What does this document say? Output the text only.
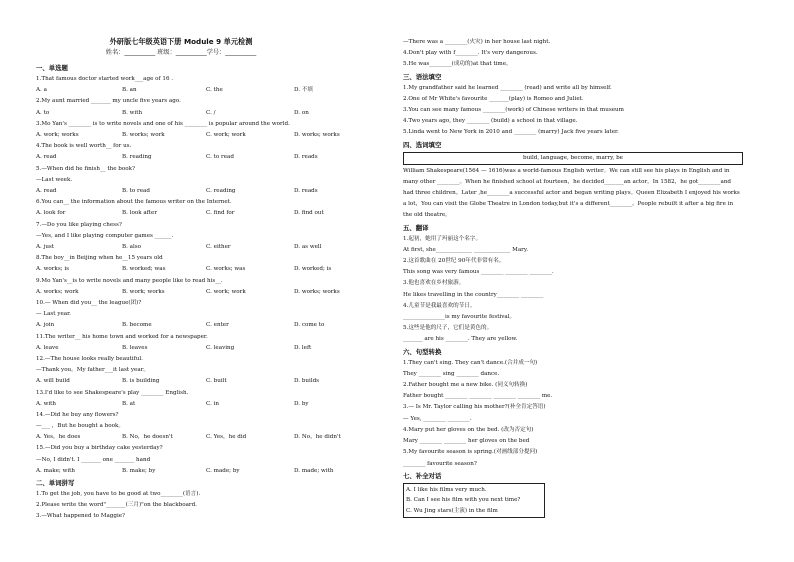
外研版七年级英语下册 Module 9 单元检测
姓名：__________ 班级：__________学号：__________
一、单选题
1.That famous doctor started work___age of 16 .
A. a	B. an	C. the	D. 不填
2.My aunt married _______ my uncle five years ago.
A. to	B. with	C. /	D. on
3.Mo Yan's ________ is to write novels and one of his ________ is popular around the world.
A. work; works	B. works; work	C. work; work	D. works; works
4.The book is well worth__ for us.
A. read	B. reading	C. to read	D. reads
5.—When did he finish__ the book?
—Last week.
A. read	B. to read	C. reading	D. reads
6.You can__ the information about the famous writer on the Internet.
A. look for	B. look after	C. find for	D. find out
7.—Do you like playing chess?
—Yes, and I like playing computer games ______.
A. just	B. also	C. either	D. as well
8.The boy__in Beijing when he__15 years old
A. works; is	B. worked; was	C. works; was	D. worked; is
9.Mo Yan's__is to write novels and many people like to read his__.
A. works; work	B. work; works	C. work; work	D. works; works
10.— When did you__ the league(团)?
— Last year.
A. join	B. become	C. enter	D. come to
11.The writer__ his home town and worked for a newspaper.
A. leave	B. leaves	C. leaving	D. left
12.—The house looks really beautiful.
—Thank you。My father___it last year。
A. will build	B. is building	C. built	D. builds
13.I'd like to see Shakespeare's play ________ English.
A. with	B. at	C. in	D. by
14.—Did he buy any flowers?
—___ ，But he bought a book。
A. Yes，he does	B. No，he doesn't	C. Yes，he did	D. No，he didn't
15.—Did you buy a birthday cake yesterday?
—No, I didn't. I _______ one _______ hand
A. make; with	B. make; by	C. made; by	D. made; with
二、单词拼写
1.To get the job, you have to be good at two________(语言).
2.Please write the word"_______(三月)"on the blackboard.
3.—What happened to Maggie?
—There was a ________(火灾) in her house last night.
4.Don't play with f________. It's very dangerous.
5.He was________(成功的)at that time。
三、语法填空
1.My grandfather said he learned ________ (read) and write all by himself.
2.One of Mr White's favourite _______(play) is Romeo and Juliet.
3.You can see many famous ________(work) of Chinese writers in that museum
4.Two years ago, they ________ (build) a school in that village.
5.Linda went to New York in 2010 and ________ (marry) Jack five years later.
四、选词填空
build, language, become, marry, be
William Shakespeare(1564 — 1616)was a world-famous English writer。We can still see his plays in English and in many other ________。When he finished school at fourteen，he decided_______an actor。In 1582，he got________and had three children。Later ,he________a successful actor and began writing plays。Queen Elizabeth Ⅰ enjoyed his works a lot，You can visit the Globe Theatre in London today,but it's a different________。People rebuilt it after a big fire in the old theatre。
五、翻译
1.起初，她用了玛丽这个名字。
At first, she_____________ _____________ Mary.
2.这首歌曲在 20世纪 90年代非常有名。
This song was very famous ________ ________ ________.
3.他也喜欢在乡村旅游。
He likes travelling in the country________ ________
4.儿童节是我最喜欢的节日。
_______________is my favourite festival。
5.这些是他的尺子，它们是黄色的。
_______ are his ________. They are yellow.
六、句型转换
1.They can't sing. They can't dance.(合并成一句)
They ________ sing ________ dance.
2.Father bought me a new bike. (同义句转换)
Father bought ________ ________ ________ ________ me.
3.— Is Mr. Taylor calling his mother?(补全肯定答语)
— Yes, ________ ________.
4.Mary put her gloves on the bed. (改为否定句)
Mary ________ ________ her gloves on the bed
5.My favourite season is spring.(对画线部分提问)
________ favourite season?
七、补全对话
A. I like his films very much.
B. Can I see his film with you next time?
C. Wu Jing stars(主演) in the film
